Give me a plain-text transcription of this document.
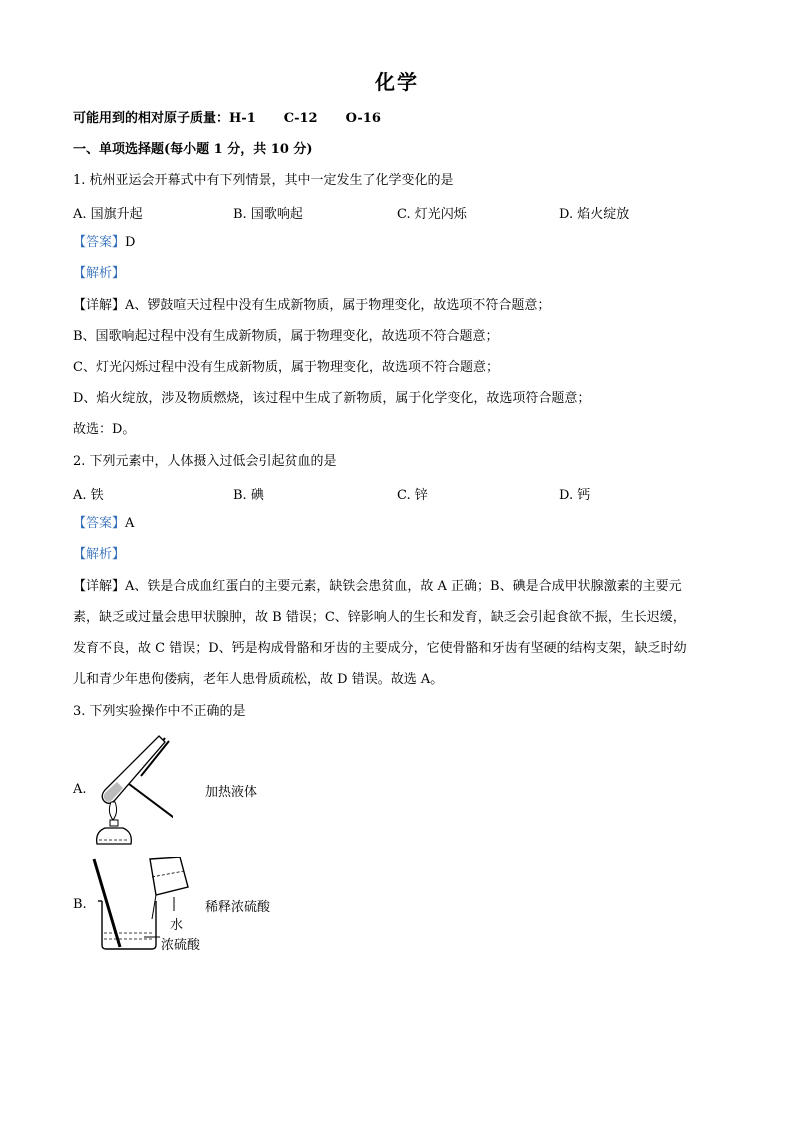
化学
可能用到的相对原子质量：H-1 C-12 O-16
一、单项选择题(每小题 1 分，共 10 分)
1. 杭州亚运会开幕式中有下列情景，其中一定发生了化学变化的是
A. 国旗升起	B. 国歌响起	C. 灯光闪烁	D. 焰火绽放
【答案】D
【解析】
【详解】A、锣鼓喧天过程中没有生成新物质，属于物理变化，故选项不符合题意；
B、国歌响起过程中没有生成新物质，属于物理变化，故选项不符合题意；
C、灯光闪烁过程中没有生成新物质，属于物理变化，故选项不符合题意；
D、焰火绽放，涉及物质燃烧，该过程中生成了新物质，属于化学变化，故选项符合题意；
故选：D。
2. 下列元素中，人体摄入过低会引起贫血的是
A. 铁	B. 碘	C. 锌	D. 钙
【答案】A
【解析】
【详解】A、铁是合成血红蛋白的主要元素，缺铁会患贫血，故 A 正确；B、碘是合成甲状腺激素的主要元
素，缺乏或过量会患甲状腺肿，故 B 错误；C、锌影响人的生长和发育，缺乏会引起食欲不振，生长迟缓，
发育不良，故 C 错误；D、钙是构成骨骼和牙齿的主要成分，它使骨骼和牙齿有坚硬的结构支架，缺乏时幼
儿和青少年患佝偻病，老年人患骨质疏松，故 D 错误。故选 A。
3. 下列实验操作中不正确的是
A.	加热液体
B.	稀释浓硫酸
水
浓硫酸
